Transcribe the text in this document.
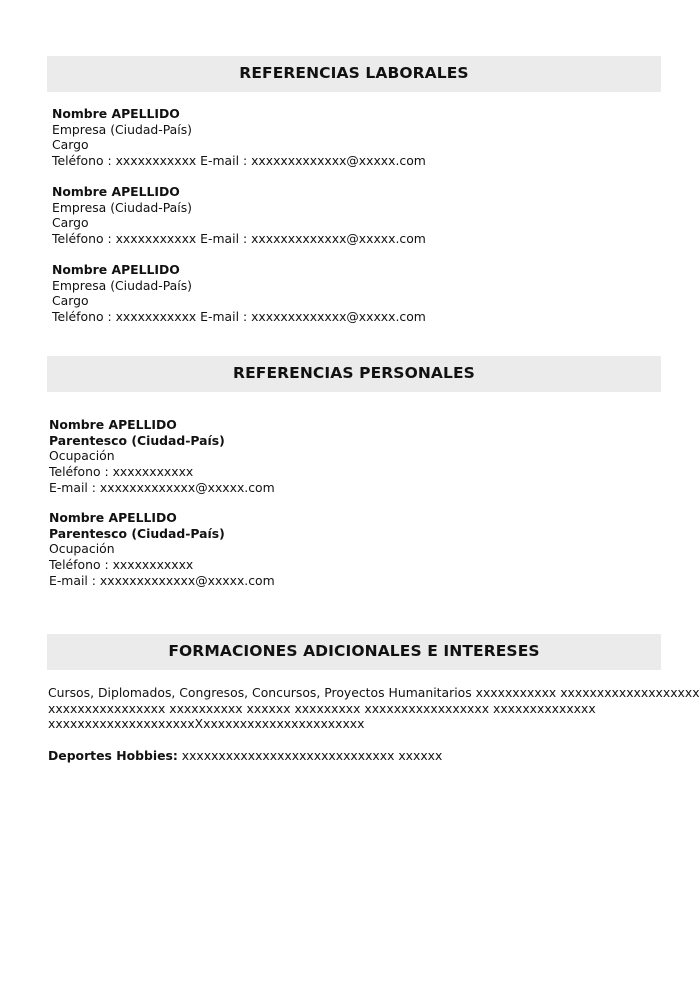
REFERENCIAS LABORALES
Nombre APELLIDO
Empresa (Ciudad-País)
Cargo
Teléfono : xxxxxxxxxxx E-mail : xxxxxxxxxxxxx@xxxxx.com
Nombre APELLIDO
Empresa (Ciudad-País)
Cargo
Teléfono : xxxxxxxxxxx E-mail : xxxxxxxxxxxxx@xxxxx.com
Nombre APELLIDO
Empresa (Ciudad-País)
Cargo
Teléfono : xxxxxxxxxxx E-mail : xxxxxxxxxxxxx@xxxxx.com
REFERENCIAS PERSONALES
Nombre APELLIDO
Parentesco (Ciudad-País)
Ocupación
Teléfono : xxxxxxxxxxx
E-mail : xxxxxxxxxxxxx@xxxxx.com
Nombre APELLIDO
Parentesco (Ciudad-País)
Ocupación
Teléfono : xxxxxxxxxxx
E-mail : xxxxxxxxxxxxx@xxxxx.com
FORMACIONES ADICIONALES E INTERESES
Cursos, Diplomados, Congresos, Concursos, Proyectos Humanitarios xxxxxxxxxxx xxxxxxxxxxxxxxxxxxx
xxxxxxxxxxxxxxxx xxxxxxxxxx xxxxxx xxxxxxxxx xxxxxxxxxxxxxxxxx xxxxxxxxxxxxxx
xxxxxxxxxxxxxxxxxxxxXxxxxxxxxxxxxxxxxxxxxxx
Deportes Hobbies: xxxxxxxxxxxxxxxxxxxxxxxxxxxxx xxxxxx
